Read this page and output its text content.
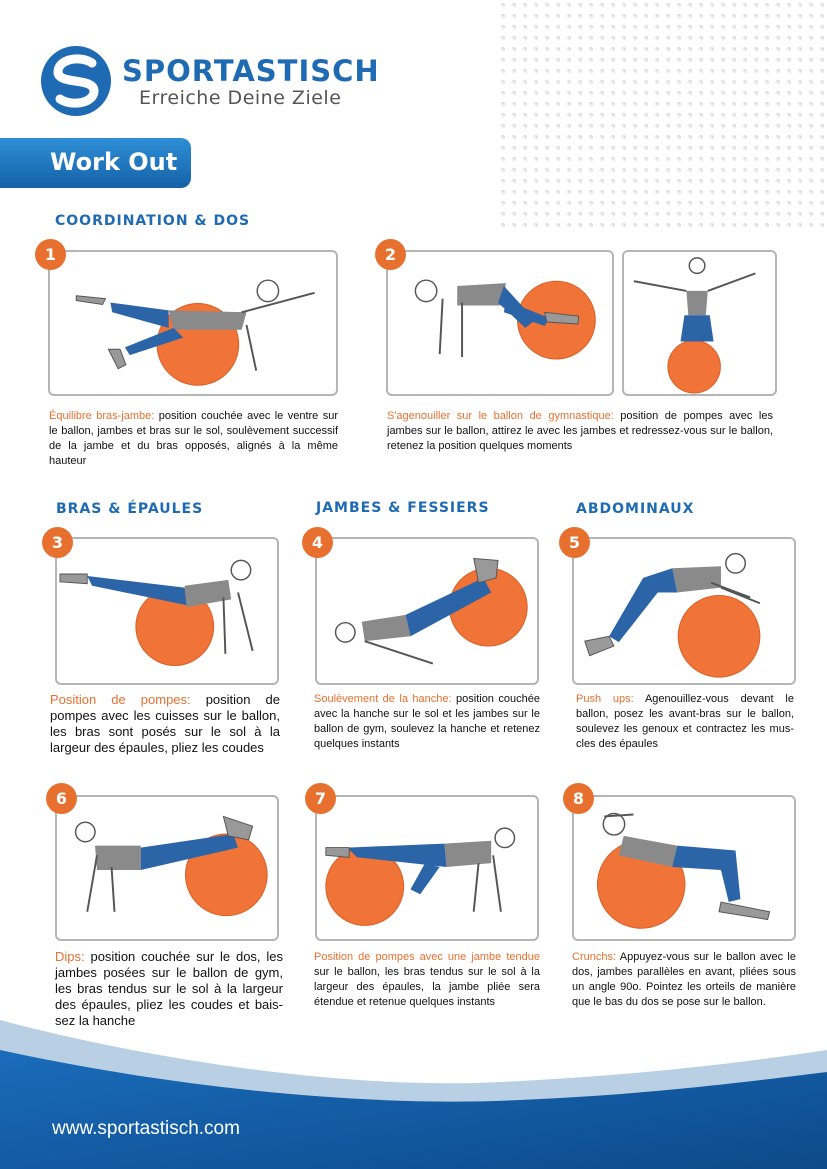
SPORTASTISCH
Erreiche Deine Ziele
Work Out
COORDINATION & DOS
1
Équilibre bras-jambe: position couchée avec le ventre sur le ballon, jambes et bras sur le sol, soulèvement successif de la jambe et du bras opposés, alignés à la même hauteur
2
S'agenouiller sur le ballon de gymnastique: position de pompes avec les jambes sur le ballon, attirez le avec les jambes et redressez-vous sur le ballon, retenez la position quelques moments
BRAS & ÉPAULES	JAMBES & FESSIERS	ABDOMINAUX
3
Position de pompes: position de pompes avec les cuisses sur le ballon, les bras sont posés sur le sol à la largeur des épaules, pliez les coudes
4
Soulèvement de la hanche: position couchée avec la hanche sur le sol et les jambes sur le ballon de gym, soulevez la hanche et retenez quelques instants
5
Push ups: Agenouillez-vous devant le ballon, posez les avant-bras sur le ballon, soulevez les genoux et contractez les mus-cles des épaules
6
Dips: position couchée sur le dos, les jambes posées sur le ballon de gym, les bras tendus sur le sol à la largeur des épaules, pliez les coudes et bais-sez la hanche
7
Position de pompes avec une jambe tendue sur le ballon, les bras tendus sur le sol à la largeur des épaules, la jambe pliée sera étendue et retenue quelques instants
8
Crunchs: Appuyez-vous sur le ballon avec le dos, jambes parallèles en avant, pliées sous un angle 90o. Pointez les orteils de manière que le bas du dos se pose sur le ballon.
www.sportastisch.com
